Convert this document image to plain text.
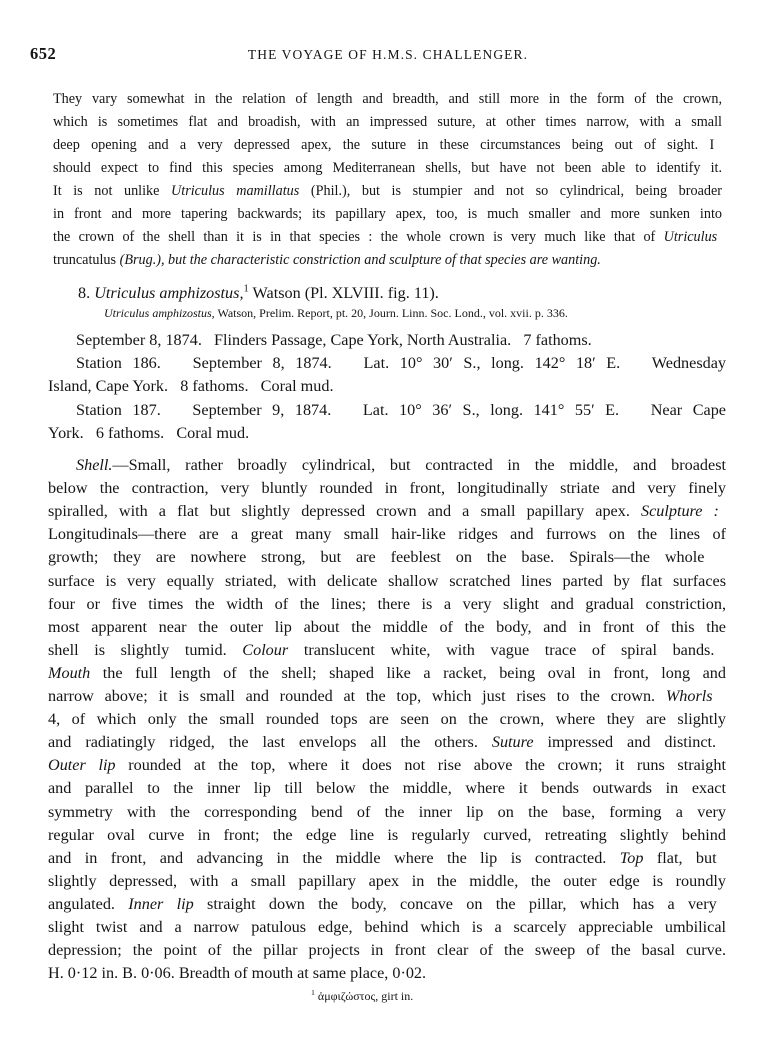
652	THE VOYAGE OF H.M.S. CHALLENGER.
They vary somewhat in the relation of length and breadth, and still more in the form of the crown,
which is sometimes flat and broadish, with an impressed suture, at other times narrow, with a small
deep opening and a very depressed apex, the suture in these circumstances being out of sight. I
should expect to find this species among Mediterranean shells, but have not been able to identify it.
It is not unlike Utriculus mamillatus (Phil.), but is stumpier and not so cylindrical, being broader
in front and more tapering backwards; its papillary apex, too, is much smaller and more sunken into
the crown of the shell than it is in that species : the whole crown is very much like that of Utriculus
truncatulus (Brug.), but the characteristic constriction and sculpture of that species are wanting.
8. Utriculus amphizostus,$^1$ Watson (Pl. XLVIII. fig. 11).
Utriculus amphizostus, Watson, Prelim. Report, pt. 20, Journ. Linn. Soc. Lond., vol. xvii. p. 336.
September 8, 1874.   Flinders Passage, Cape York, North Australia.   7 fathoms.
Station 186.   September 8, 1874.   Lat. 10° 30′ S., long. 142° 18′ E.   Wednesday
Island, Cape York.   8 fathoms.   Coral mud.
Station 187.   September 9, 1874.   Lat. 10° 36′ S., long. 141° 55′ E.   Near Cape
York.   6 fathoms.   Coral mud.
Shell.—Small, rather broadly cylindrical, but contracted in the middle, and broadest
below the contraction, very bluntly rounded in front, longitudinally striate and very finely
spiralled, with a flat but slightly depressed crown and a small papillary apex. Sculpture :
Longitudinals—there are a great many small hair-like ridges and furrows on the lines of
growth; they are nowhere strong, but are feeblest on the base. Spirals—the whole
surface is very equally striated, with delicate shallow scratched lines parted by flat surfaces
four or five times the width of the lines; there is a very slight and gradual constriction,
most apparent near the outer lip about the middle of the body, and in front of this the
shell is slightly tumid. Colour translucent white, with vague trace of spiral bands.
Mouth the full length of the shell; shaped like a racket, being oval in front, long and
narrow above; it is small and rounded at the top, which just rises to the crown. Whorls
4, of which only the small rounded tops are seen on the crown, where they are slightly
and radiatingly ridged, the last envelops all the others. Suture impressed and distinct.
Outer lip rounded at the top, where it does not rise above the crown; it runs straight
and parallel to the inner lip till below the middle, where it bends outwards in exact
symmetry with the corresponding bend of the inner lip on the base, forming a very
regular oval curve in front; the edge line is regularly curved, retreating slightly behind
and in front, and advancing in the middle where the lip is contracted. Top flat, but
slightly depressed, with a small papillary apex in the middle, the outer edge is roundly
angulated. Inner lip straight down the body, concave on the pillar, which has a very
slight twist and a narrow patulous edge, behind which is a scarcely appreciable umbilical
depression; the point of the pillar projects in front clear of the sweep of the basal curve.
H. 0·12 in. B. 0·06. Breadth of mouth at same place, 0·02.
$^1$ ἀμφιζώστος, girt in.
